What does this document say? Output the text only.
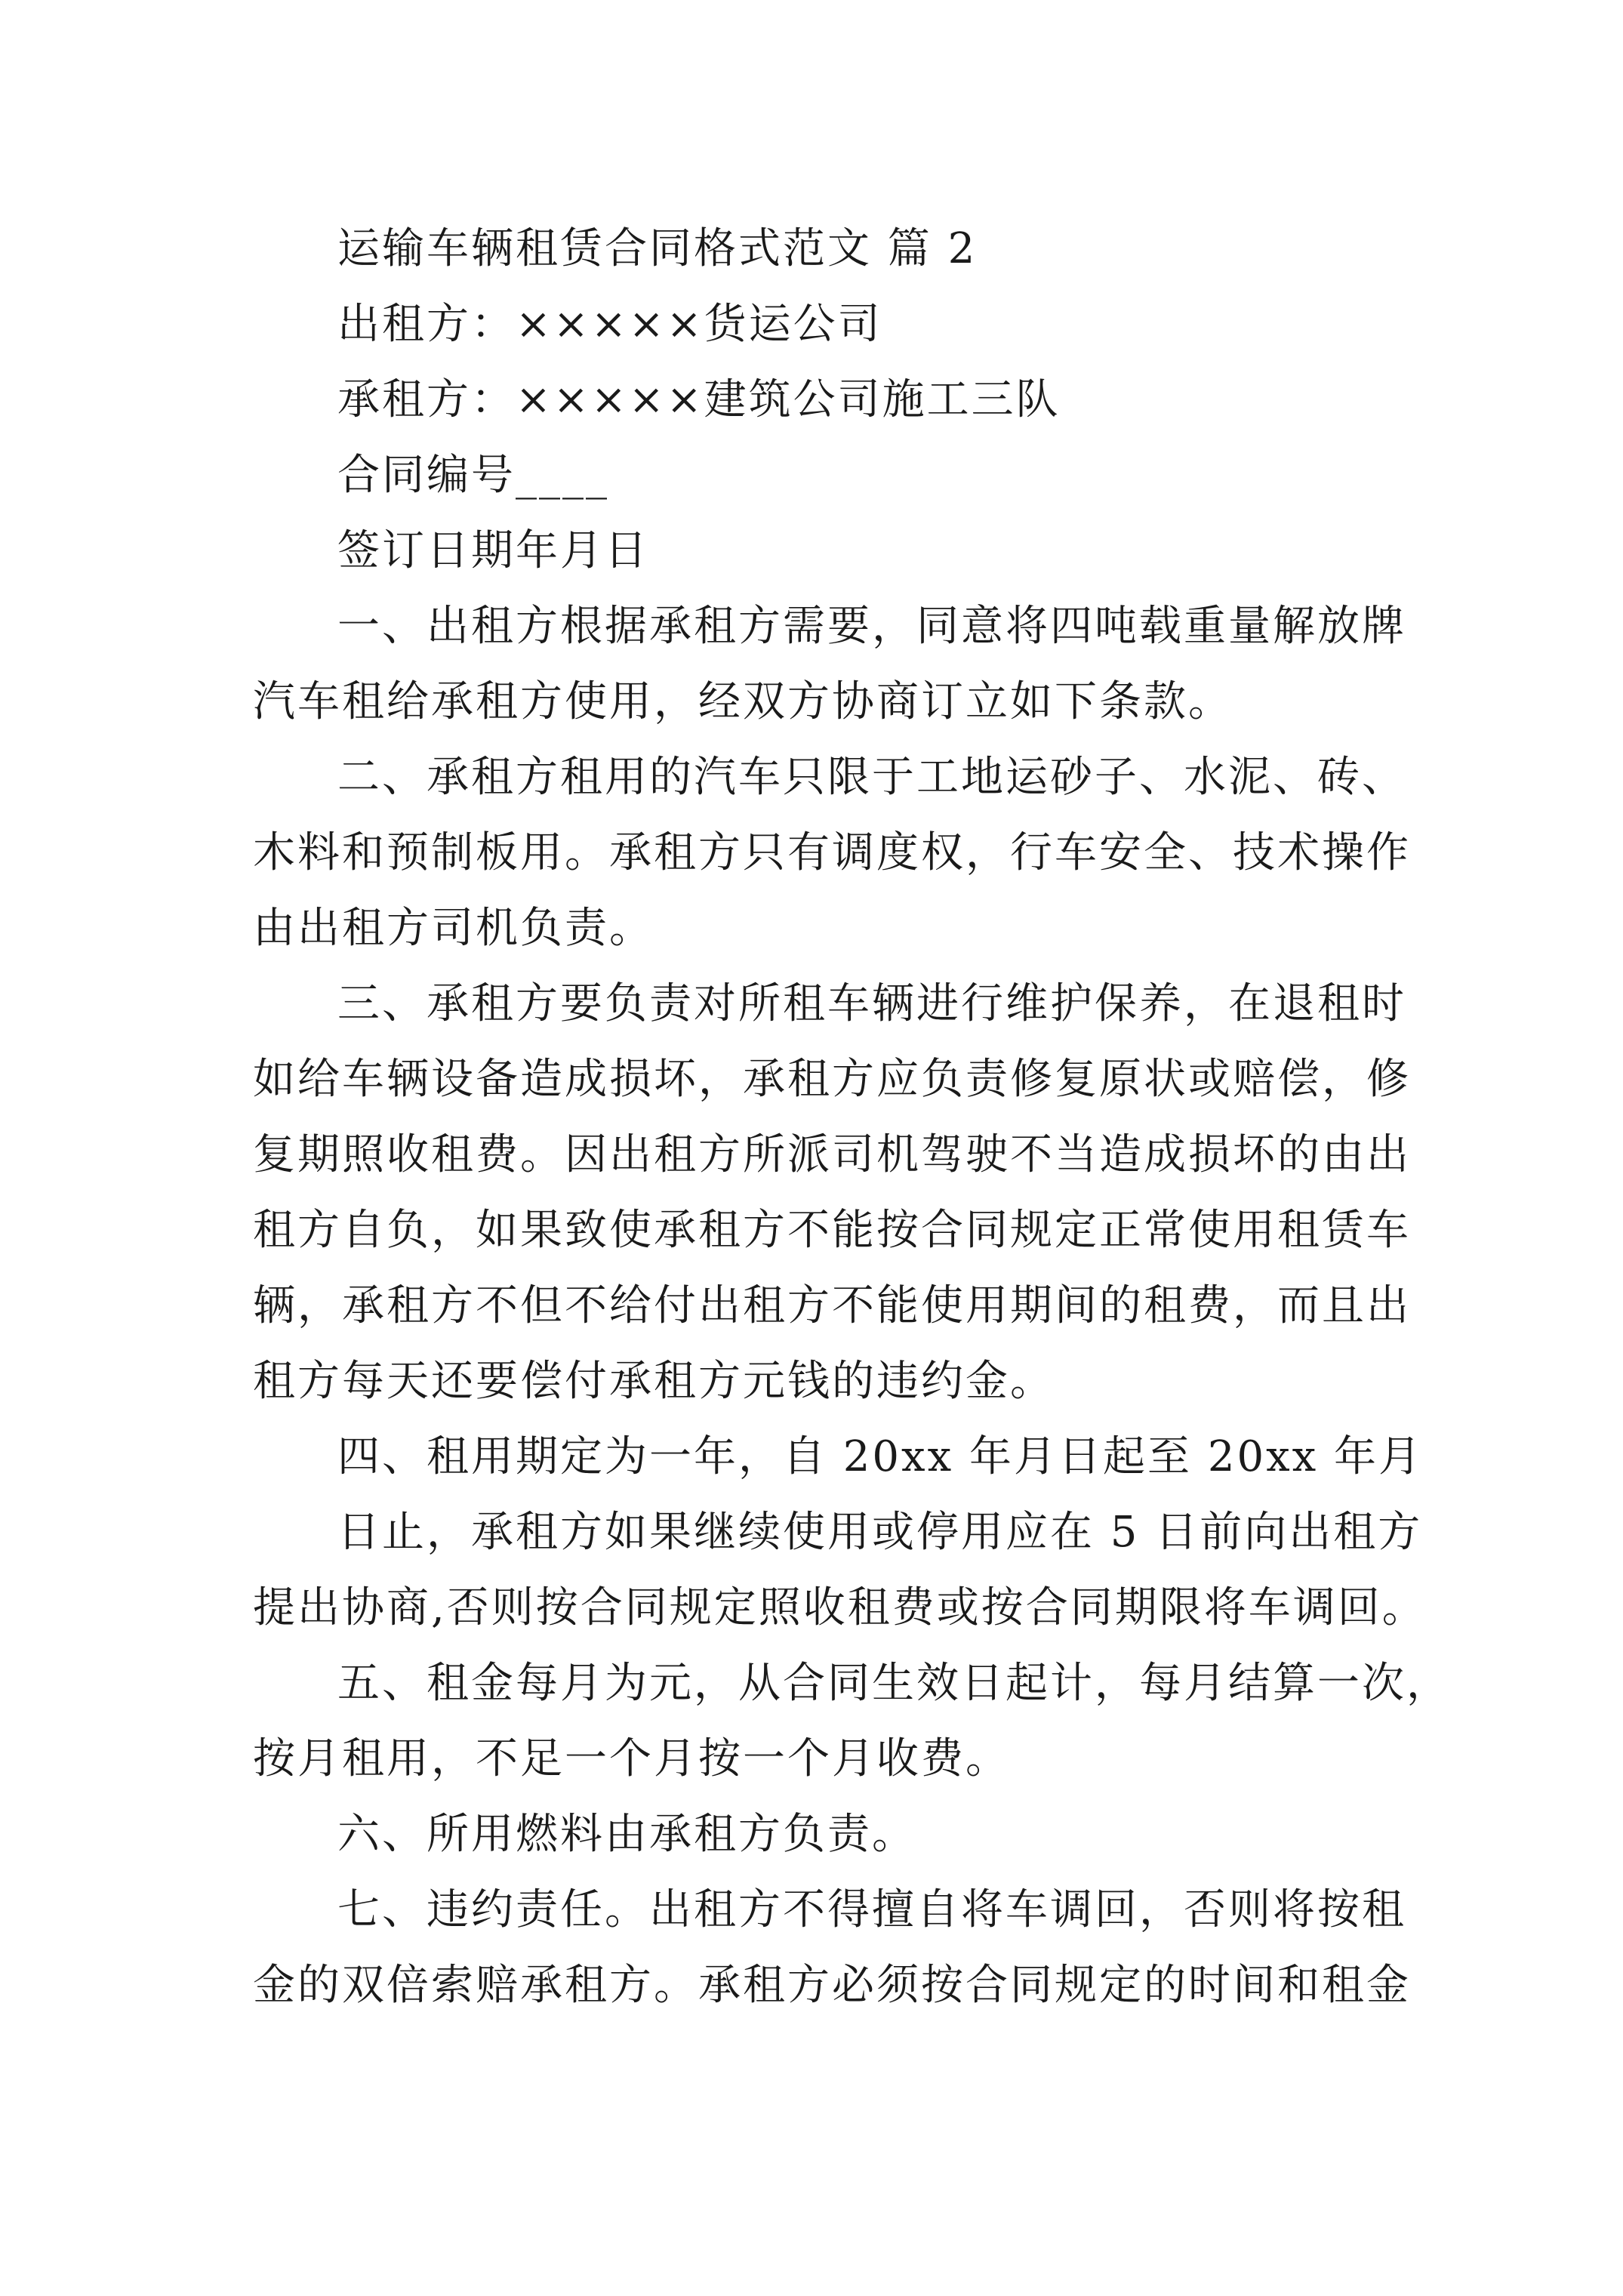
运输车辆租赁合同格式范文 篇 2
出租方：×××××货运公司
承租方：×××××建筑公司施工三队
合同编号____
签订日期年月日
一、出租方根据承租方需要，同意将四吨载重量解放牌
汽车租给承租方使用，经双方协商订立如下条款。
二、承租方租用的汽车只限于工地运砂子、水泥、砖、
木料和预制板用。承租方只有调度权，行车安全、技术操作
由出租方司机负责。
三、承租方要负责对所租车辆进行维护保养，在退租时
如给车辆设备造成损坏，承租方应负责修复原状或赔偿，修
复期照收租费。因出租方所派司机驾驶不当造成损坏的由出
租方自负，如果致使承租方不能按合同规定正常使用租赁车
辆，承租方不但不给付出租方不能使用期间的租费，而且出
租方每天还要偿付承租方元钱的违约金。
四、租用期定为一年，自 20xx 年月日起至 20xx 年月
日止，承租方如果继续使用或停用应在 5 日前向出租方
提出协商,否则按合同规定照收租费或按合同期限将车调回。
五、租金每月为元，从合同生效日起计，每月结算一次，
按月租用，不足一个月按一个月收费。
六、所用燃料由承租方负责。
七、违约责任。出租方不得擅自将车调回，否则将按租
金的双倍索赔承租方。承租方必须按合同规定的时间和租金
